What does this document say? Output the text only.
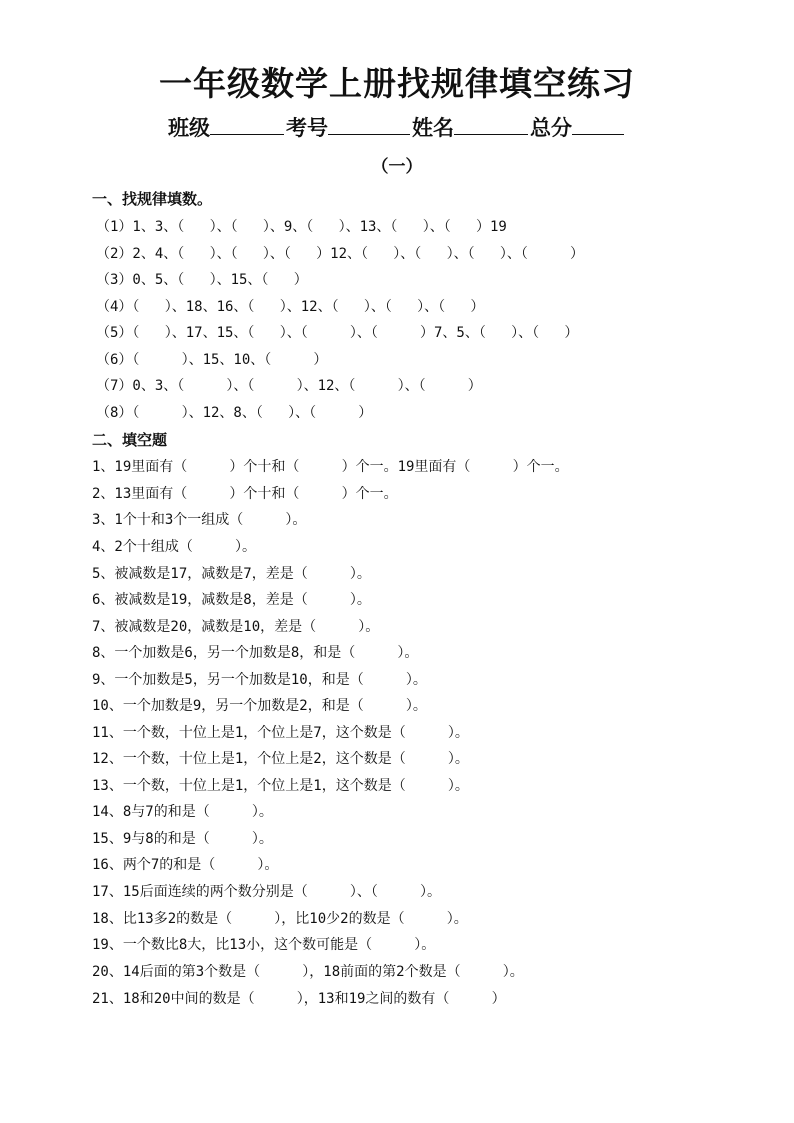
一年级数学上册找规律填空练习
班级	考号	姓名	总分
（一）
一、找规律填数。
（1）1、3、（   ）、（   ）、9、（   ）、13、（   ）、（   ）19
（2）2、4、（   ）、（   ）、（   ）12、（   ）、（   ）、（   ）、（     ）
（3）0、5、（   ）、15、（   ）
（4）（   ）、18、16、（   ）、12、（   ）、（   ）、（   ）
（5）（   ）、17、15、（   ）、（     ）、（     ）7、5、（   ）、（   ）
（6）（     ）、15、10、（     ）
（7）0、3、（     ）、（     ）、12、（     ）、（     ）
（8）（     ）、12、8、（   ）、（     ）
二、填空题
1、19里面有（     ）个十和（     ）个一。19里面有（     ）个一。
2、13里面有（     ）个十和（     ）个一。
3、1个十和3个一组成（     ）。
4、2个十组成（     ）。
5、被减数是17，减数是7，差是（     ）。
6、被减数是19，减数是8，差是（     ）。
7、被减数是20，减数是10，差是（     ）。
8、一个加数是6，另一个加数是8，和是（     ）。
9、一个加数是5，另一个加数是10，和是（     ）。
10、一个加数是9，另一个加数是2，和是（     ）。
11、一个数，十位上是1，个位上是7，这个数是（     ）。
12、一个数，十位上是1，个位上是2，这个数是（     ）。
13、一个数，十位上是1，个位上是1，这个数是（     ）。
14、8与7的和是（     ）。
15、9与8的和是（     ）。
16、两个7的和是（     ）。
17、15后面连续的两个数分别是（     ）、（     ）。
18、比13多2的数是（     ），比10少2的数是（     ）。
19、一个数比8大，比13小，这个数可能是（     ）。
20、14后面的第3个数是（     ），18前面的第2个数是（     ）。
21、18和20中间的数是（     ），13和19之间的数有（     ）
